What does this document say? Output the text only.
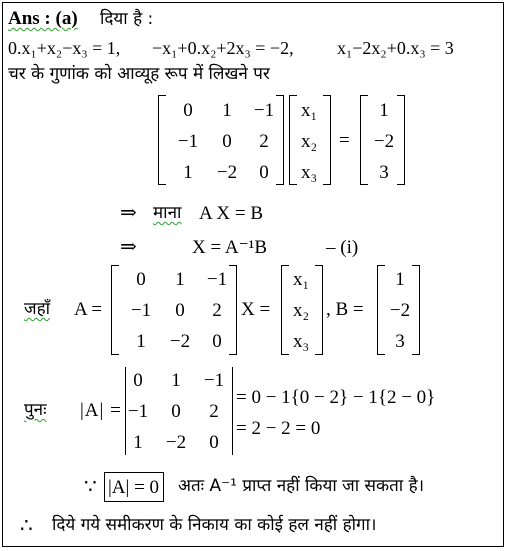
Ans : (a) दिया है :
0.x₁+x₂−x₃ = 1, −x₁+0.x₂+2x₃ = −2, x₁−2x₂+0.x₃ = 3
चर के गुणांक को आव्यूह रूप में लिखने पर
0	1	−1
−1	0	2
1	−2	0
x₁
x₂
x₃
=
1
−2
3
⇒ माना A X = B
⇒	X = A⁻¹B	– (i)
जहाँ A =
0	1	−1
−1	0	2
1	−2	0
X =
x₁
x₂
x₃
, B =
1
−2
3
पुनः |A| =
0	1	−1
−1	0	2
1	−2	0
= 0 − 1{0 − 2} − 1{2 − 0}
= 2 − 2 = 0
∵ |A| = 0 अतः A⁻¹ प्राप्त नहीं किया जा सकता है।
∴ दिये गये समीकरण के निकाय का कोई हल नहीं होगा।
